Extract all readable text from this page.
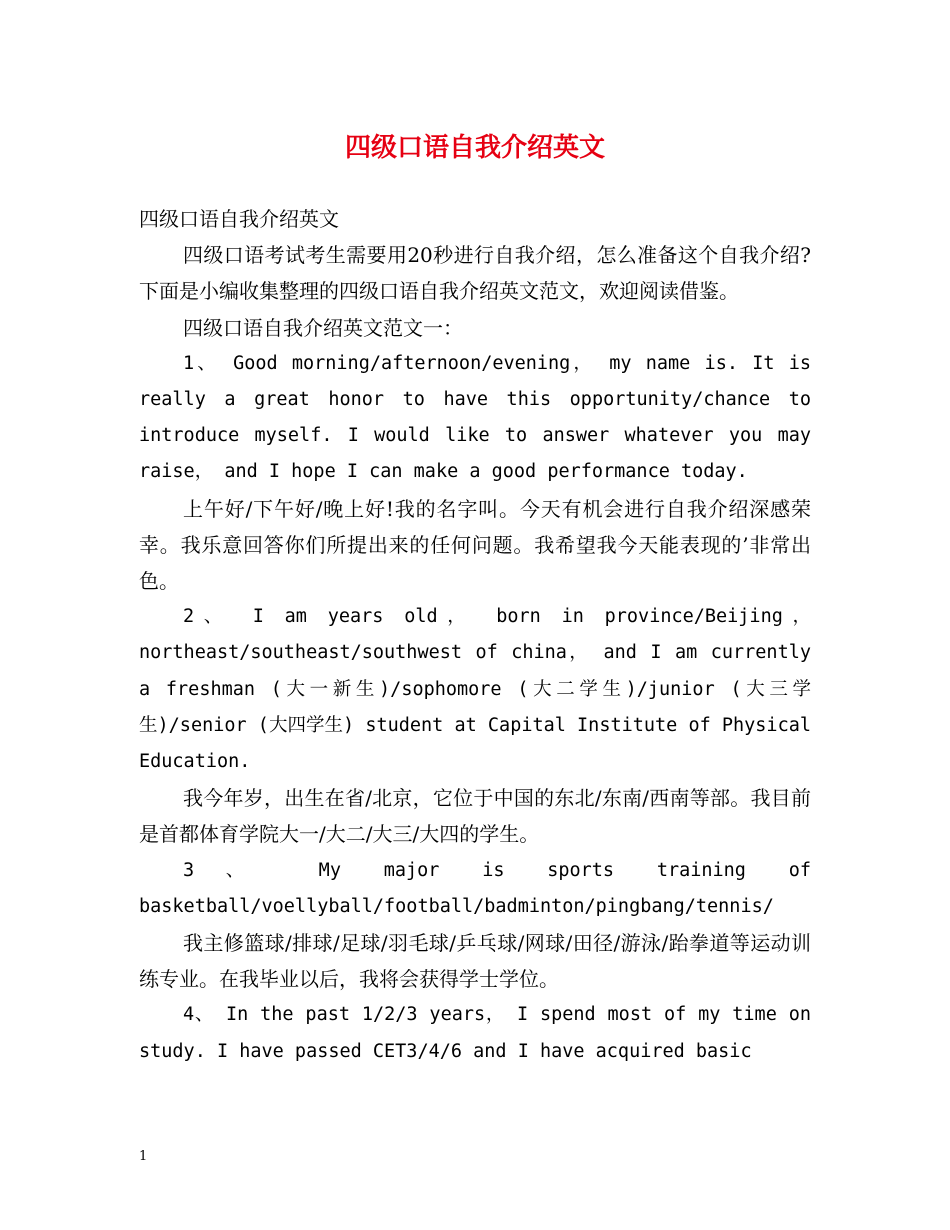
四级口语自我介绍英文

四级口语自我介绍英文

四级口语考试考生需要用20秒进行自我介绍，怎么准备这个自我介绍?下面是小编收集整理的四级口语自我介绍英文范文，欢迎阅读借鉴。

四级口语自我介绍英文范文一：

1、 Good morning/afternoon/evening， my name is. It is really a great honor to have this opportunity/chance to introduce myself. I would like to answer whatever you may raise， and I hope I can make a good performance today.

上午好/下午好/晚上好!我的名字叫。今天有机会进行自我介绍深感荣幸。我乐意回答你们所提出来的任何问题。我希望我今天能表现的’非常出色。

2、 I am years old， born in province/Beijing， northeast/southeast/southwest of china， and I am currently a freshman (大一新生)/sophomore (大二学生)/junior (大三学生)/senior (大四学生) student at Capital Institute of Physical Education.

我今年岁，出生在省/北京，它位于中国的东北/东南/西南等部。我目前是首都体育学院大一/大二/大三/大四的学生。

3、 My major is sports training of basketball/voellyball/football/badminton/pingbang/tennis/

我主修篮球/排球/足球/羽毛球/乒乓球/网球/田径/游泳/跆拳道等运动训练专业。在我毕业以后，我将会获得学士学位。

4、 In the past 1/2/3 years， I spend most of my time on study. I have passed CET3/4/6 and I have acquired basic

1
